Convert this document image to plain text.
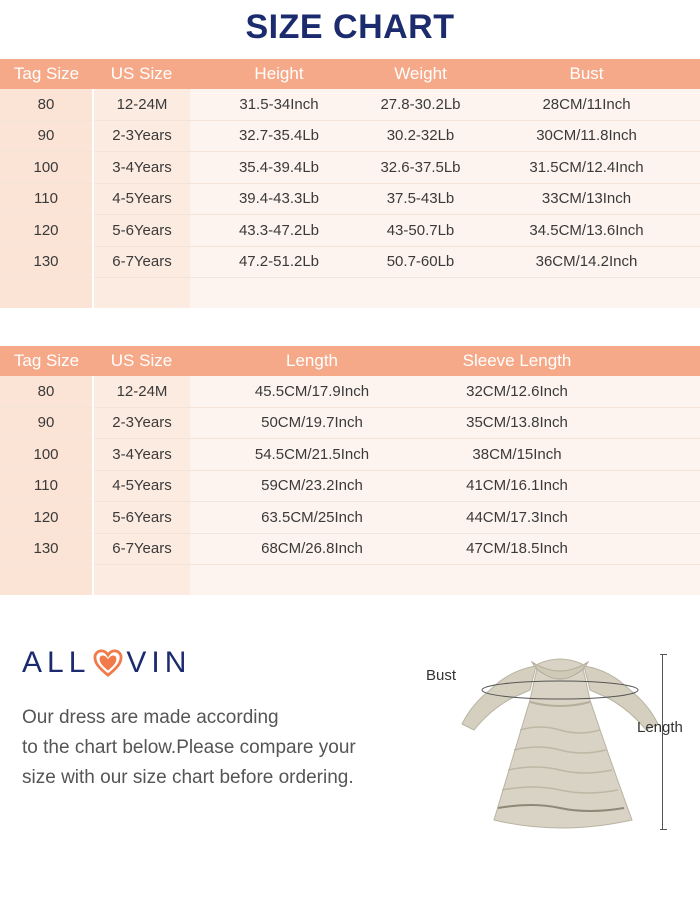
SIZE CHART
Tag Size	US Size	Height	Weight	Bust
80	12-24M	31.5-34Inch	27.8-30.2Lb	28CM/11Inch
90	2-3Years	32.7-35.4Lb	30.2-32Lb	30CM/11.8Inch
100	3-4Years	35.4-39.4Lb	32.6-37.5Lb	31.5CM/12.4Inch
110	4-5Years	39.4-43.3Lb	37.5-43Lb	33CM/13Inch
120	5-6Years	43.3-47.2Lb	43-50.7Lb	34.5CM/13.6Inch
130	6-7Years	47.2-51.2Lb	50.7-60Lb	36CM/14.2Inch

Tag Size	US Size	Length	Sleeve Length	
80	12-24M	45.5CM/17.9Inch	32CM/12.6Inch	
90	2-3Years	50CM/19.7Inch	35CM/13.8Inch	
100	3-4Years	54.5CM/21.5Inch	38CM/15Inch	
110	4-5Years	59CM/23.2Inch	41CM/16.1Inch	
120	5-6Years	63.5CM/25Inch	44CM/17.3Inch	
130	6-7Years	68CM/26.8Inch	47CM/18.5Inch	

ALL VIN
Our dress are made according
to the chart below.Please compare your
size with our size chart before ordering.
Bust
Length
